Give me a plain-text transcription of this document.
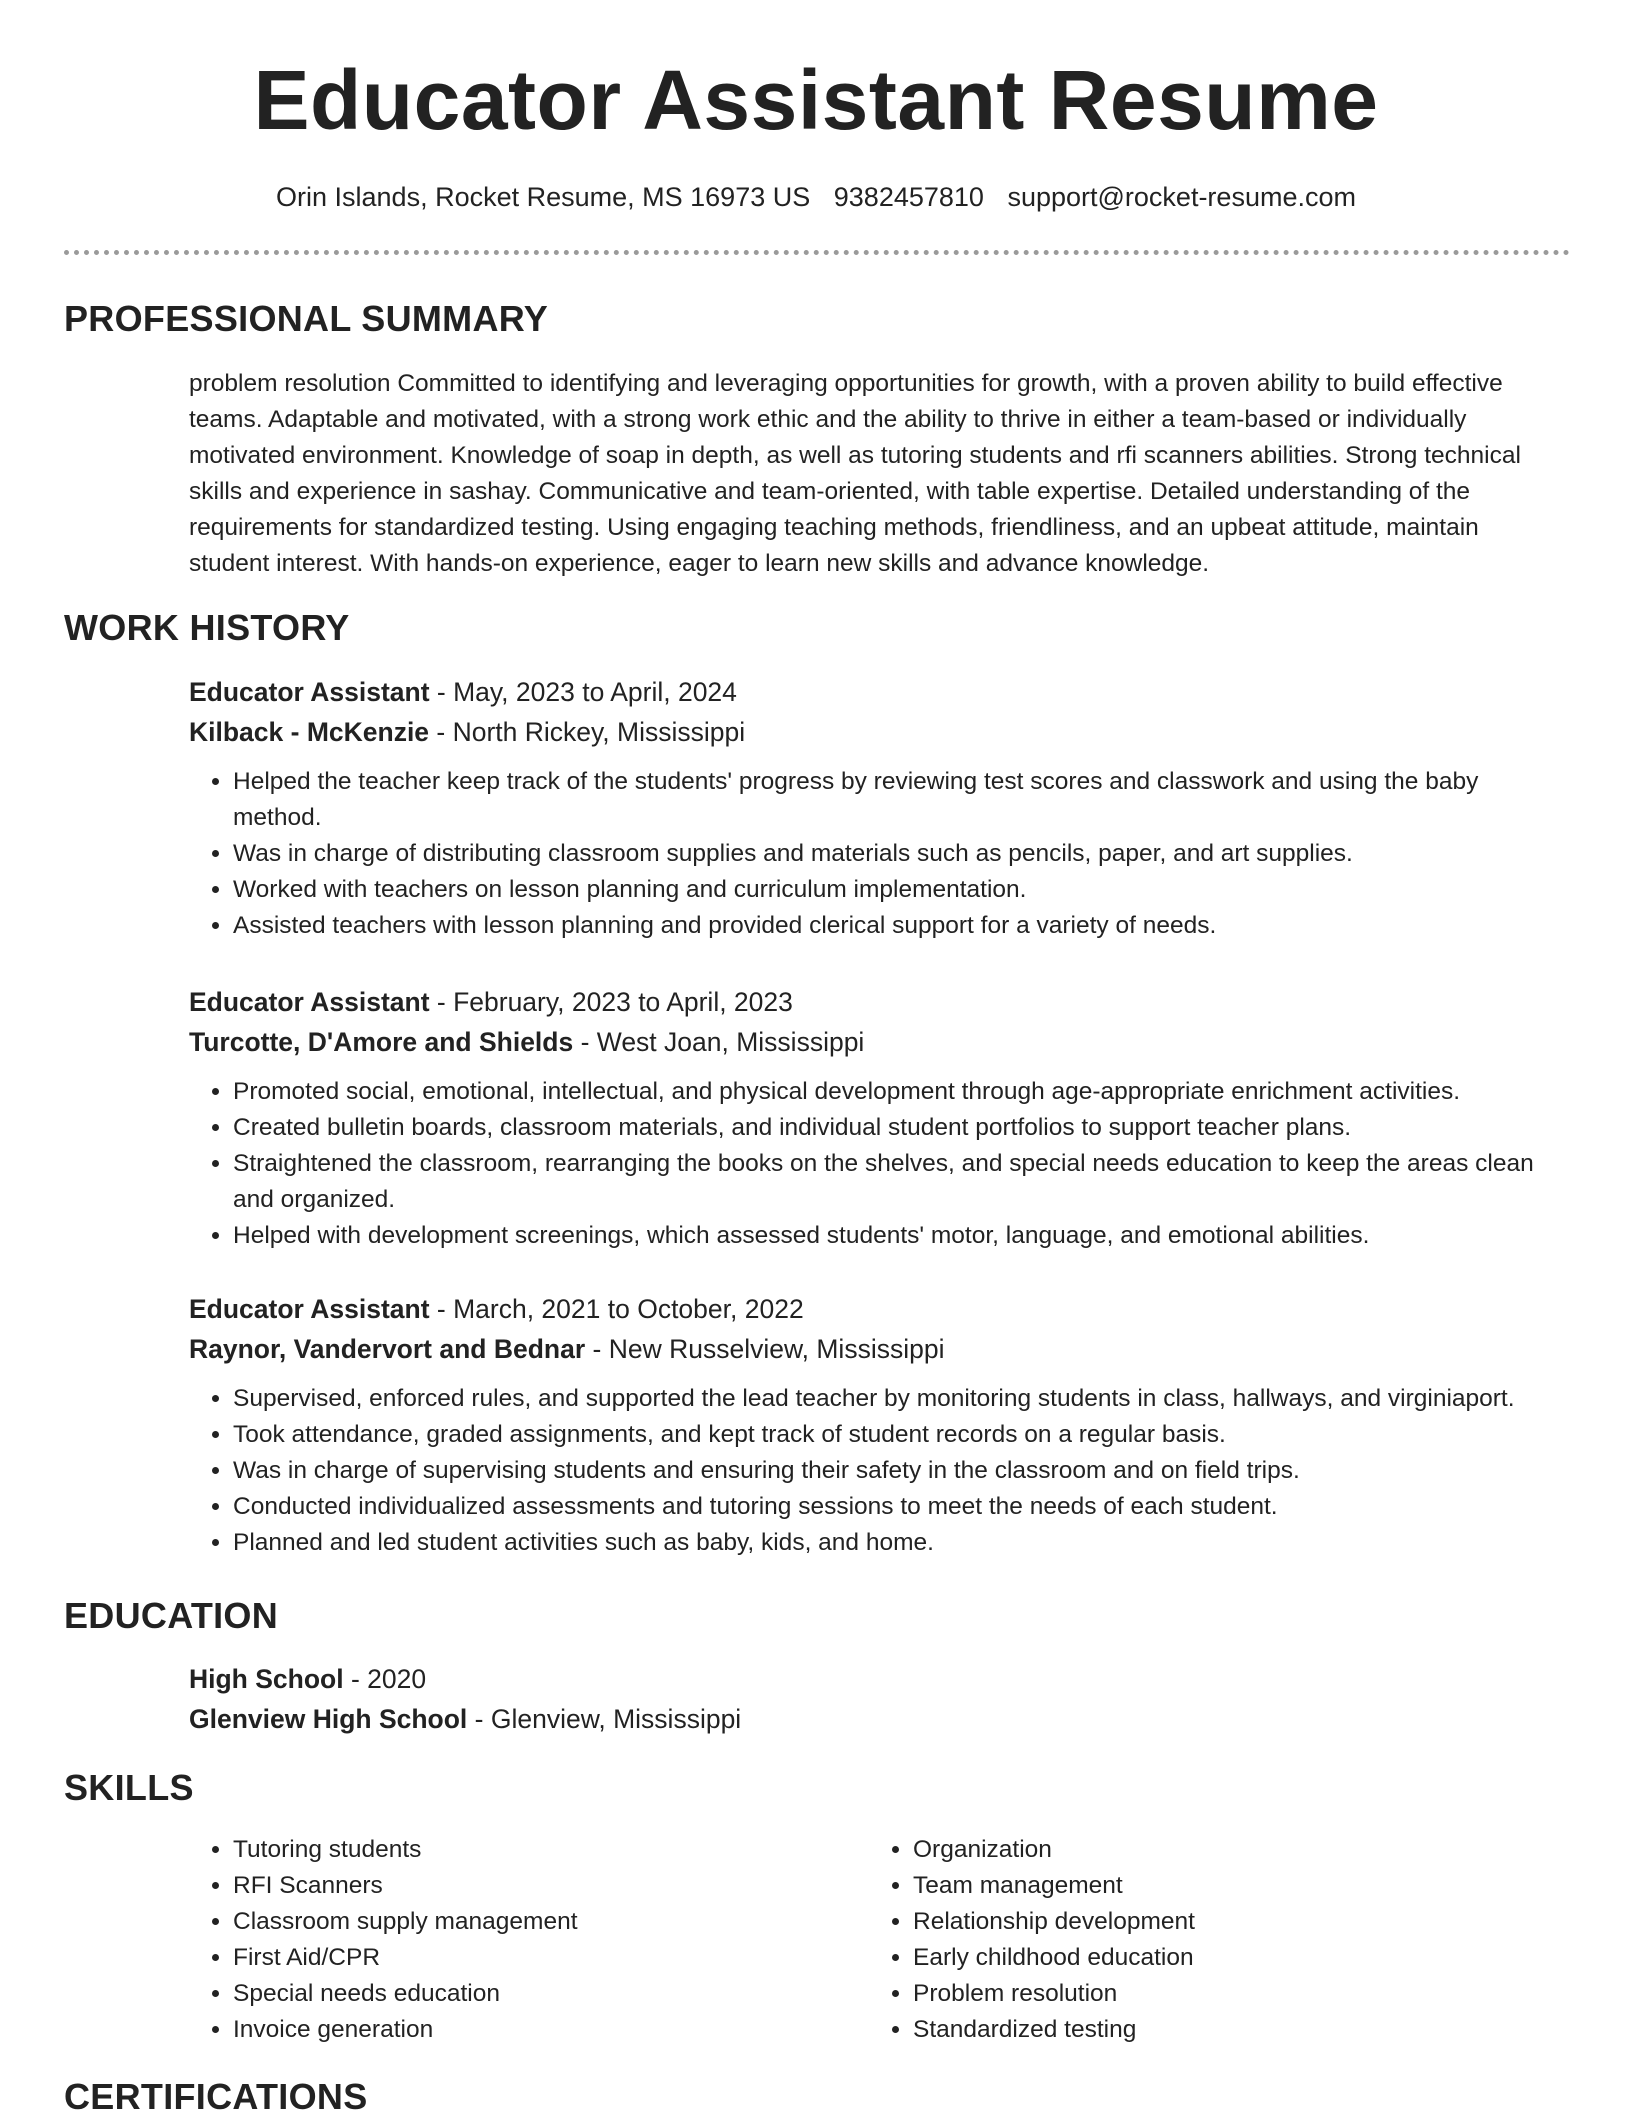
Educator Assistant Resume
Orin Islands, Rocket Resume, MS 16973 US 9382457810 support@rocket-resume.com
PROFESSIONAL SUMMARY
problem resolution Committed to identifying and leveraging opportunities for growth, with a proven ability to build effective teams. Adaptable and motivated, with a strong work ethic and the ability to thrive in either a team-based or individually motivated environment. Knowledge of soap in depth, as well as tutoring students and rfi scanners abilities. Strong technical skills and experience in sashay. Communicative and team-oriented, with table expertise. Detailed understanding of the requirements for standardized testing. Using engaging teaching methods, friendliness, and an upbeat attitude, maintain student interest. With hands-on experience, eager to learn new skills and advance knowledge.
WORK HISTORY
Educator Assistant - May, 2023 to April, 2024
Kilback - McKenzie - North Rickey, Mississippi
• Helped the teacher keep track of the students' progress by reviewing test scores and classwork and using the baby method.
• Was in charge of distributing classroom supplies and materials such as pencils, paper, and art supplies.
• Worked with teachers on lesson planning and curriculum implementation.
• Assisted teachers with lesson planning and provided clerical support for a variety of needs.
Educator Assistant - February, 2023 to April, 2023
Turcotte, D'Amore and Shields - West Joan, Mississippi
• Promoted social, emotional, intellectual, and physical development through age-appropriate enrichment activities.
• Created bulletin boards, classroom materials, and individual student portfolios to support teacher plans.
• Straightened the classroom, rearranging the books on the shelves, and special needs education to keep the areas clean and organized.
• Helped with development screenings, which assessed students' motor, language, and emotional abilities.
Educator Assistant - March, 2021 to October, 2022
Raynor, Vandervort and Bednar - New Russelview, Mississippi
• Supervised, enforced rules, and supported the lead teacher by monitoring students in class, hallways, and virginiaport.
• Took attendance, graded assignments, and kept track of student records on a regular basis.
• Was in charge of supervising students and ensuring their safety in the classroom and on field trips.
• Conducted individualized assessments and tutoring sessions to meet the needs of each student.
• Planned and led student activities such as baby, kids, and home.
EDUCATION
High School - 2020
Glenview High School - Glenview, Mississippi
SKILLS
• Tutoring students
• RFI Scanners
• Classroom supply management
• First Aid/CPR
• Special needs education
• Invoice generation
• Organization
• Team management
• Relationship development
• Early childhood education
• Problem resolution
• Standardized testing
CERTIFICATIONS
